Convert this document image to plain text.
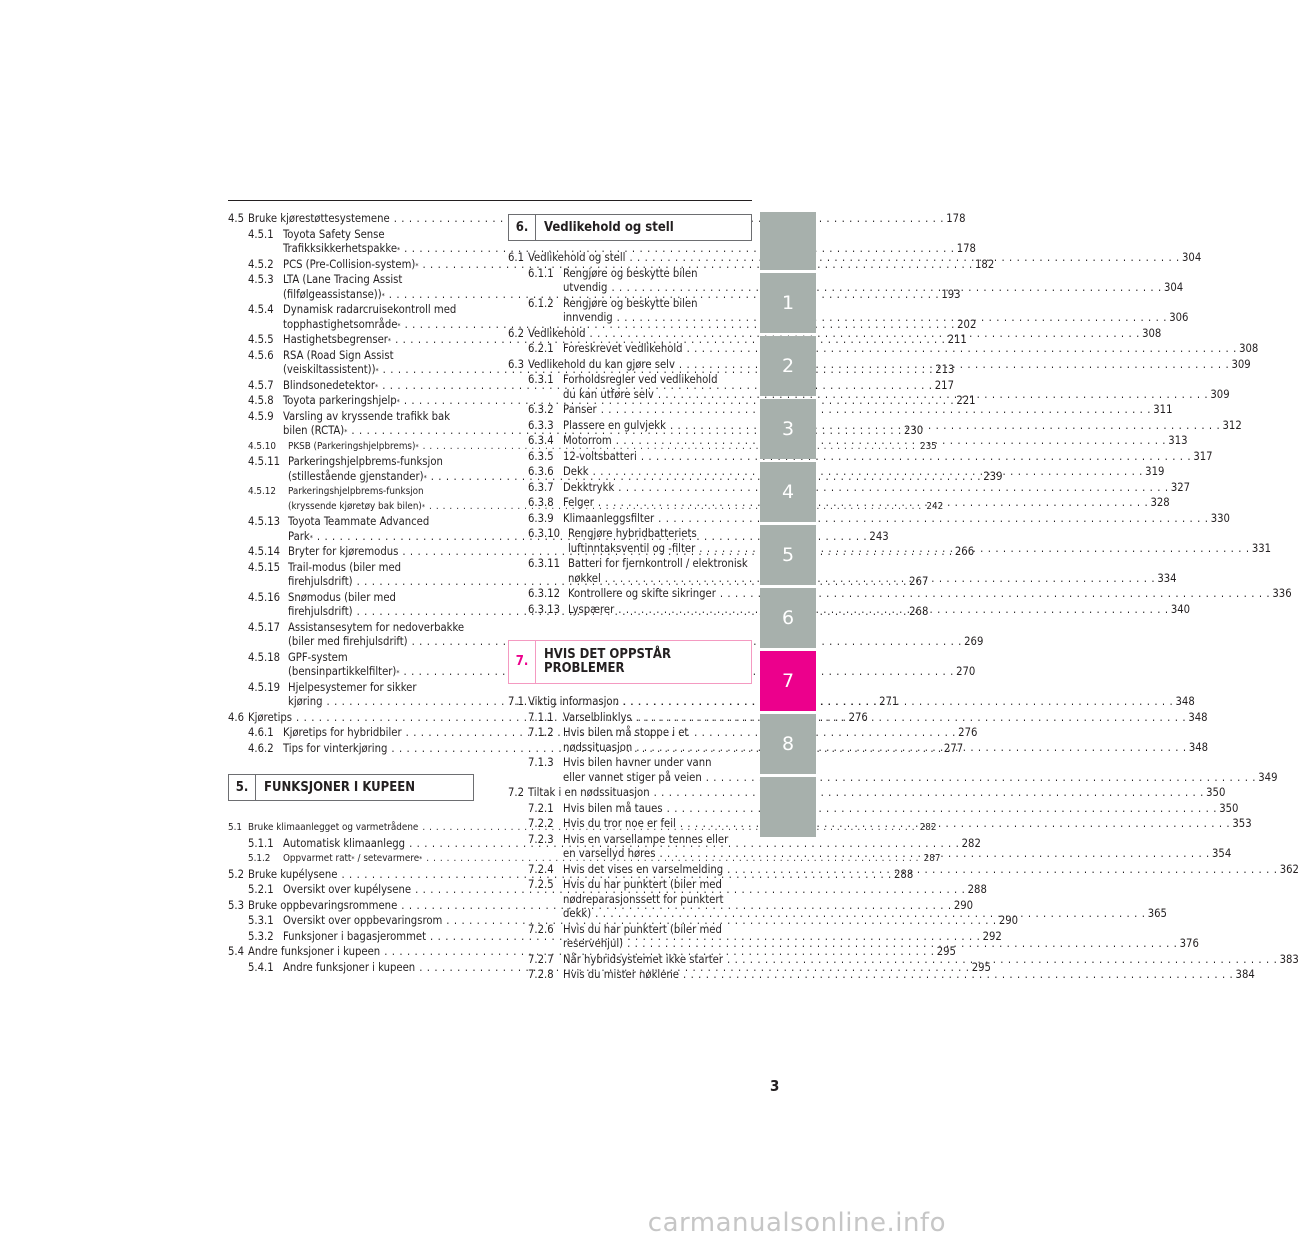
4.5 Bruke kjørestøttesystemene . . .	178
4.5.1 Toyota Safety Sense
Trafikksikkerhetspakke * . . .	178
4.5.2 PCS (Pre-Collision-system) * . . .	182
4.5.3 LTA (Lane Tracing Assist
(filfølgeassistanse)) * . . .	193
4.5.4 Dynamisk radarcruisekontroll med
topphastighetsområde * . . .	202
4.5.5 Hastighetsbegrenser * . . .	211
4.5.6 RSA (Road Sign Assist
(veiskiltassistent)) * . . .	213
4.5.7 Blindsonedetektor * . . .	217
4.5.8 Toyota parkeringshjelp * . . .	221
4.5.9 Varsling av kryssende trafikk bak
bilen (RCTA) * . . .	230
4.5.10	PKSB (Parkeringshjelpbrems) * . . .	235
4.5.11 Parkeringshjelpbrems-funksjon
(stillestående gjenstander) * . . .	239
4.5.12	Parkeringshjelpbrems-funksjon
(kryssende kjøretøy bak bilen) * . . .	242
4.5.13 Toyota Teammate Advanced
Park * . . .	243
4.5.14 Bryter for kjøremodus . . .	266
4.5.15 Trail-modus (biler med
firehjulsdrift) . . .	267
4.5.16 Snømodus (biler med
firehjulsdrift) . . .	268
4.5.17 Assistansesytem for nedoverbakke
(biler med firehjulsdrift) . . .	269
4.5.18 GPF-system
(bensinpartikkelfilter) * . . .	270
4.5.19 Hjelpesystemer for sikker
kjøring . . .	271
4.6 Kjøretips . . .	276
4.6.1 Kjøretips for hybridbiler . . .	276
4.6.2 Tips for vinterkjøring . . .	277
5.1 Bruke klimaanlegget og varmetrådene . . .	282
5.1.1 Automatisk klimaanlegg . . .	282
5.1.2	Oppvarmet ratt * / setevarmere * . . .	287
5.2 Bruke kupélysene . . .	288
5.2.1 Oversikt over kupélysene . . .	288
5.3 Bruke oppbevaringsrommene . . .	290
5.3.1 Oversikt over oppbevaringsrom . . .	290
5.3.2 Funksjoner i bagasjerommet . . .	292
5.4 Andre funksjoner i kupeen . . .	295
5.4.1 Andre funksjoner i kupeen . . .	295
5.	FUNKSJONER I KUPEEN
6.	Vedlikehold og stell
6.1 Vedlikehold og stell . . .	304
6.1.1 Rengjøre og beskytte bilen
utvendig . . .	304
6.1.2 Rengjøre og beskytte bilen
innvendig . . .	306
6.2 Vedlikehold . . .	308
6.2.1 Foreskrevet vedlikehold . . .	308
6.3 Vedlikehold du kan gjøre selv . . .	309
6.3.1 Forholdsregler ved vedlikehold
du kan utføre selv . . .	309
6.3.2 Panser . . .	311
6.3.3 Plassere en gulvjekk . . .	312
6.3.4 Motorrom . . .	313
6.3.5 12-voltsbatteri . . .	317
6.3.6 Dekk . . .	319
6.3.7 Dekktrykk . . .	327
6.3.8 Felger . . .	328
6.3.9 Klimaanleggsfilter . . .	330
6.3.10 Rengjøre hybridbatteriets
luftinntaksventil og -filter . . .	331
6.3.11 Batteri for fjernkontroll / elektronisk
nøkkel . . .	334
6.3.12 Kontrollere og skifte sikringer . . .	336
6.3.13 Lyspærer . . .	340
7.	HVIS DET OPPSTÅR
PROBLEMER
7.1 Viktig informasjon . . .	348
7.1.1 Varselblinklys . . .	348
7.1.2 Hvis bilen må stoppe i et
nødssituasjon . . .	348
7.1.3 Hvis bilen havner under vann
eller vannet stiger på veien . . .	349
7.2 Tiltak i en nødssituasjon . . .	350
7.2.1 Hvis bilen må taues . . .	350
7.2.2 Hvis du tror noe er feil . . .	353
7.2.3 Hvis en varsellampe tennes eller
en varsellyd høres . . .	354
7.2.4 Hvis det vises en varselmelding . . .	362
7.2.5 Hvis du har punktert (biler med
nødreparasjonssett for punktert
dekk) . . .	365
7.2.6 Hvis du har punktert (biler med
reservehjul) . . .	376
7.2.7 Når hybridsystemet ikke starter . . .	383
7.2.8 Hvis du mister nøklene . . .	384
1
2
3
4
5
6
7
8
3
carmanualsonline.info
